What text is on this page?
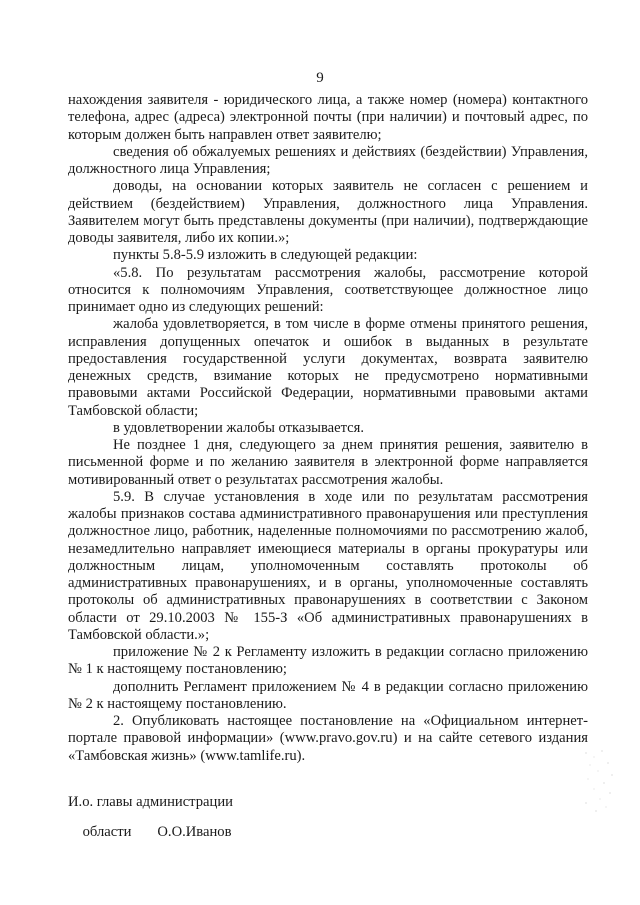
9

нахождения заявителя - юридического лица, а также номер (номера) контактного телефона, адрес (адреса) электронной почты (при наличии) и почтовый адрес, по которым должен быть направлен ответ заявителю;

сведения об обжалуемых решениях и действиях (бездействии) Управления, должностного лица Управления;

доводы, на основании которых заявитель не согласен с решением и действием (бездействием) Управления, должностного лица Управления. Заявителем могут быть представлены документы (при наличии), подтверждающие доводы заявителя, либо их копии.»;

пункты 5.8-5.9 изложить в следующей редакции:

«5.8. По результатам рассмотрения жалобы, рассмотрение которой относится к полномочиям Управления, соответствующее должностное лицо принимает одно из следующих решений:

жалоба удовлетворяется, в том числе в форме отмены принятого решения, исправления допущенных опечаток и ошибок в выданных в результате предоставления государственной услуги документах, возврата заявителю денежных средств, взимание которых не предусмотрено нормативными правовыми актами Российской Федерации, нормативными правовыми актами Тамбовской области;

в удовлетворении жалобы отказывается.

Не позднее 1 дня, следующего за днем принятия решения, заявителю в письменной форме и по желанию заявителя в электронной форме направляется мотивированный ответ о результатах рассмотрения жалобы.

5.9. В случае установления в ходе или по результатам рассмотрения жалобы признаков состава административного правонарушения или преступления должностное лицо, работник, наделенные полномочиями по рассмотрению жалоб, незамедлительно направляет имеющиеся материалы в органы прокуратуры или должностным лицам, уполномоченным составлять протоколы об административных правонарушениях, и в органы, уполномоченные составлять протоколы об административных правонарушениях в соответствии с Законом области от 29.10.2003 № 155-З «Об административных правонарушениях в Тамбовской области.»;

приложение № 2 к Регламенту изложить в редакции согласно приложению № 1 к настоящему постановлению;

дополнить Регламент приложением № 4 в редакции согласно приложению № 2 к настоящему постановлению.

2. Опубликовать настоящее постановление на «Официальном интернет-портале правовой информации» (www.pravo.gov.ru) и на сайте сетевого издания «Тамбовская жизнь» (www.tamlife.ru).

И.о. главы администрации

области О.О.Иванов
